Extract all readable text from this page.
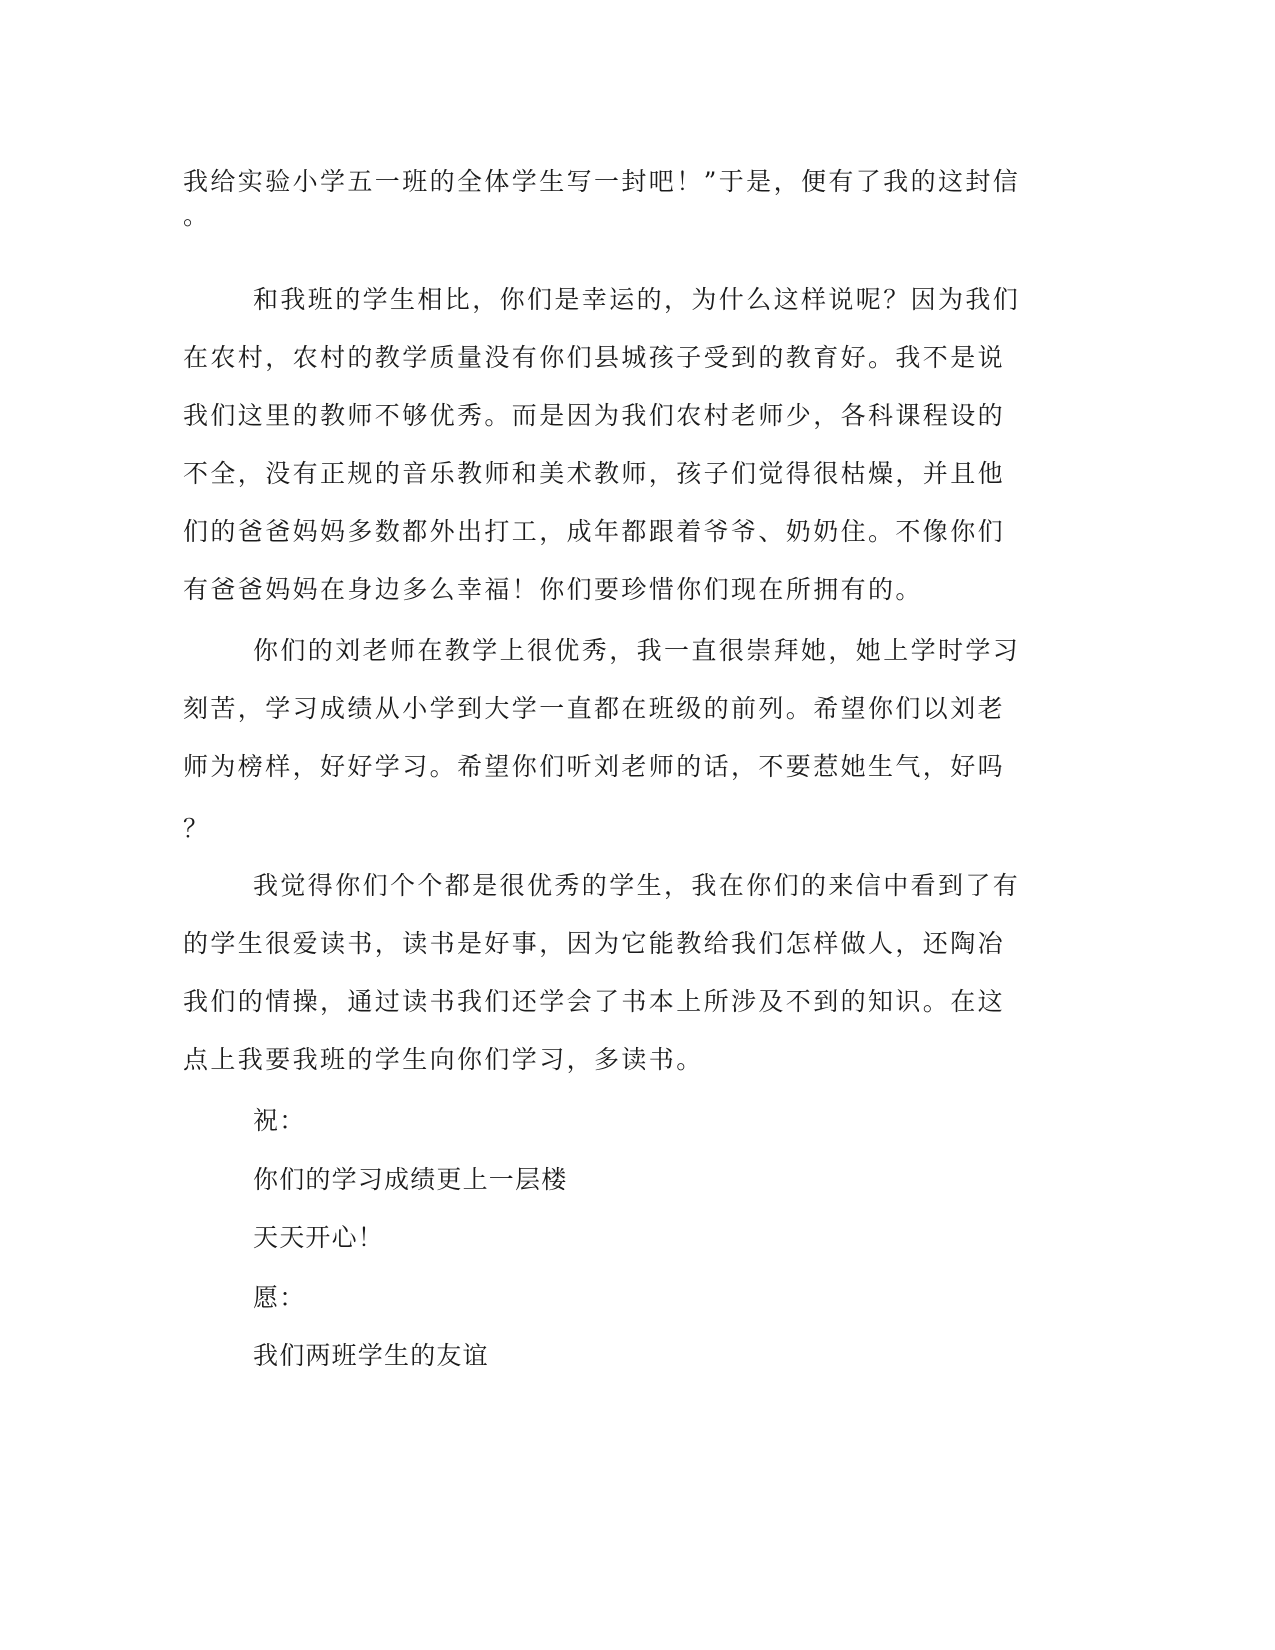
我给实验小学五一班的全体学生写一封吧！”于是，便有了我的这封信
。
和我班的学生相比，你们是幸运的，为什么这样说呢？因为我们
在农村，农村的教学质量没有你们县城孩子受到的教育好。我不是说
我们这里的教师不够优秀。而是因为我们农村老师少，各科课程设的
不全，没有正规的音乐教师和美术教师，孩子们觉得很枯燥，并且他
们的爸爸妈妈多数都外出打工，成年都跟着爷爷、奶奶住。不像你们
有爸爸妈妈在身边多么幸福！你们要珍惜你们现在所拥有的。
你们的刘老师在教学上很优秀，我一直很崇拜她，她上学时学习
刻苦，学习成绩从小学到大学一直都在班级的前列。希望你们以刘老
师为榜样，好好学习。希望你们听刘老师的话，不要惹她生气，好吗
？
我觉得你们个个都是很优秀的学生，我在你们的来信中看到了有
的学生很爱读书，读书是好事，因为它能教给我们怎样做人，还陶冶
我们的情操，通过读书我们还学会了书本上所涉及不到的知识。在这
点上我要我班的学生向你们学习，多读书。
祝：
你们的学习成绩更上一层楼
天天开心！
愿：
我们两班学生的友谊
